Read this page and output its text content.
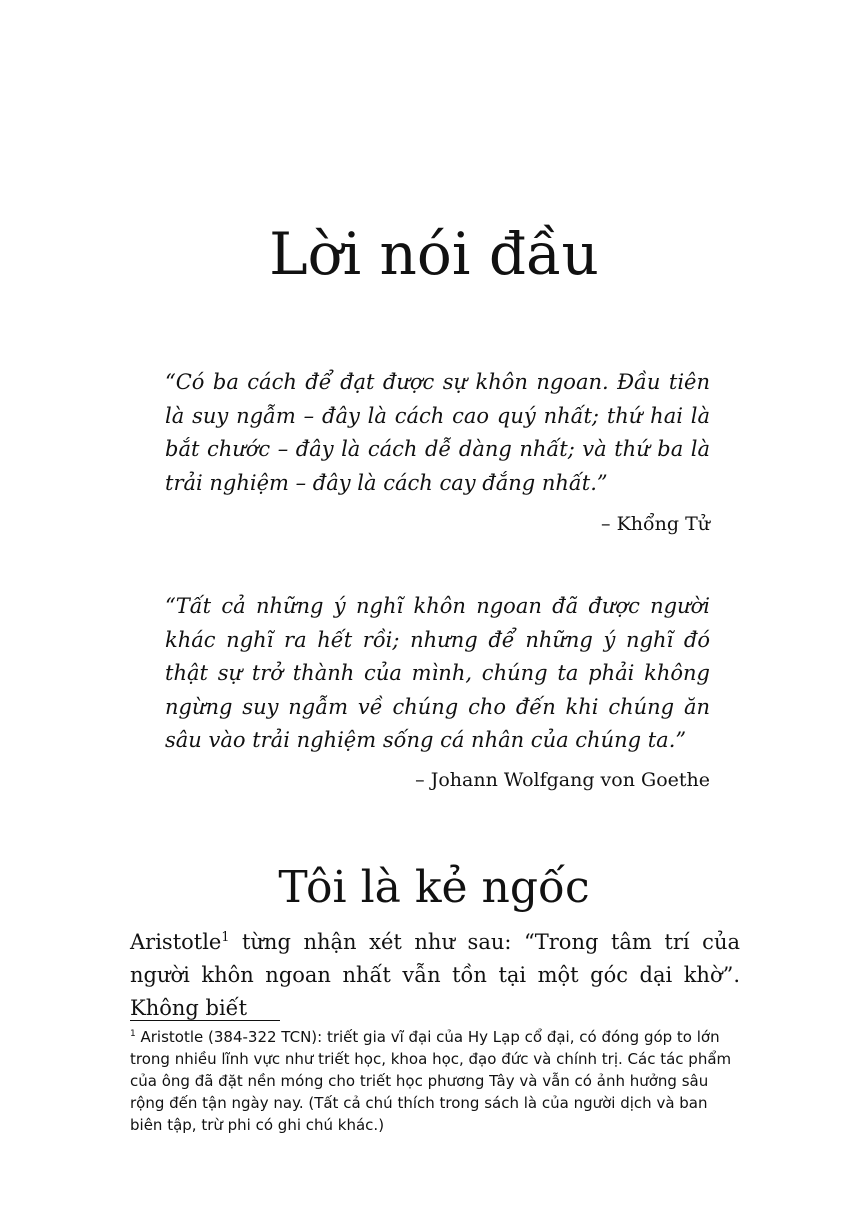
Lời nói đầu
“Có ba cách để đạt được sự khôn ngoan. Đầu tiên là suy ngẫm – đây là cách cao quý nhất; thứ hai là bắt chước – đây là cách dễ dàng nhất; và thứ ba là trải nghiệm – đây là cách cay đắng nhất.”
– Khổng Tử
“Tất cả những ý nghĩ khôn ngoan đã được người khác nghĩ ra hết rồi; nhưng để những ý nghĩ đó thật sự trở thành của mình, chúng ta phải không ngừng suy ngẫm về chúng cho đến khi chúng ăn sâu vào trải nghiệm sống cá nhân của chúng ta.”
– Johann Wolfgang von Goethe
Tôi là kẻ ngốc

Aristotle$^1$ từng nhận xét như sau: “Trong tâm trí của người khôn ngoan nhất vẫn tồn tại một góc dại khờ”. Không biết

$^1$ Aristotle (384-322 TCN): triết gia vĩ đại của Hy Lạp cổ đại, có đóng góp to lớn trong nhiều lĩnh vực như triết học, khoa học, đạo đức và chính trị. Các tác phẩm của ông đã đặt nền móng cho triết học phương Tây và vẫn có ảnh hưởng sâu rộng đến tận ngày nay. (Tất cả chú thích trong sách là của người dịch và ban biên tập, trừ phi có ghi chú khác.)
